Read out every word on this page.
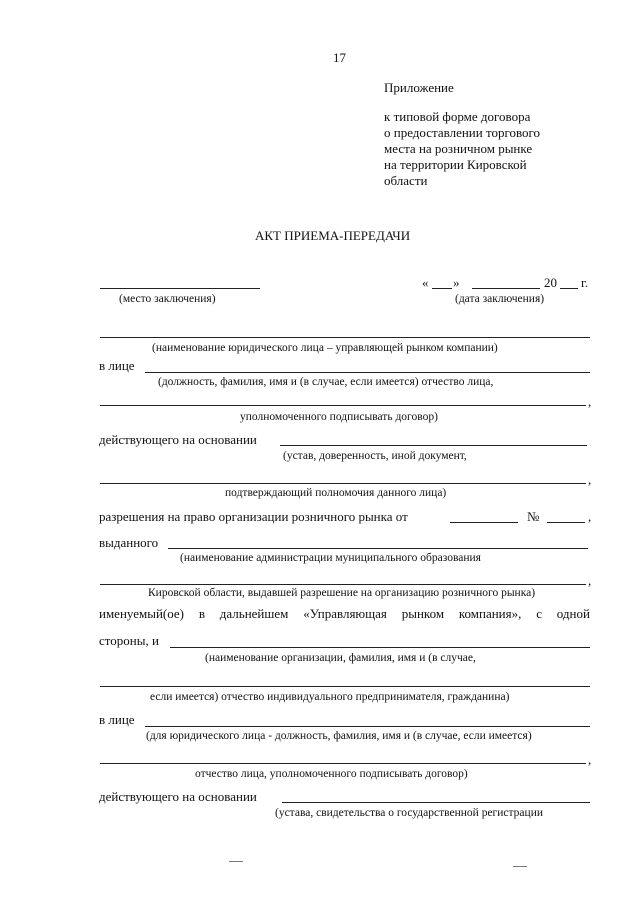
17
Приложение
к типовой форме договора
о предоставлении торгового
места на розничном рынке
на территории Кировской
области
АКТ ПРИЕМА-ПЕРЕДАЧИ
(место заключения)
« »	20 г.
(дата заключения)
(наименование юридического лица – управляющей рынком компании)
в лице
(должность, фамилия, имя и (в случае, если имеется) отчество лица,
,
уполномоченного подписывать договор)
действующего на основании
(устав, доверенность, иной документ,
,
подтверждающий полномочия данного лица)
разрешения на право организации розничного рынка от	№	,
выданного
(наименование администрации муниципального образования
,
Кировской области, выдавшей разрешение на организацию розничного рынка)
именуемый(ое) в дальнейшем «Управляющая рынком компания», с одной
стороны, и
(наименование организации, фамилия, имя и (в случае,
если имеется) отчество индивидуального предпринимателя, гражданина)
в лице
(для юридического лица - должность, фамилия, имя и (в случае, если имеется)
,
отчество лица, уполномоченного подписывать договор)
действующего на основании
(устава, свидетельства о государственной регистрации
